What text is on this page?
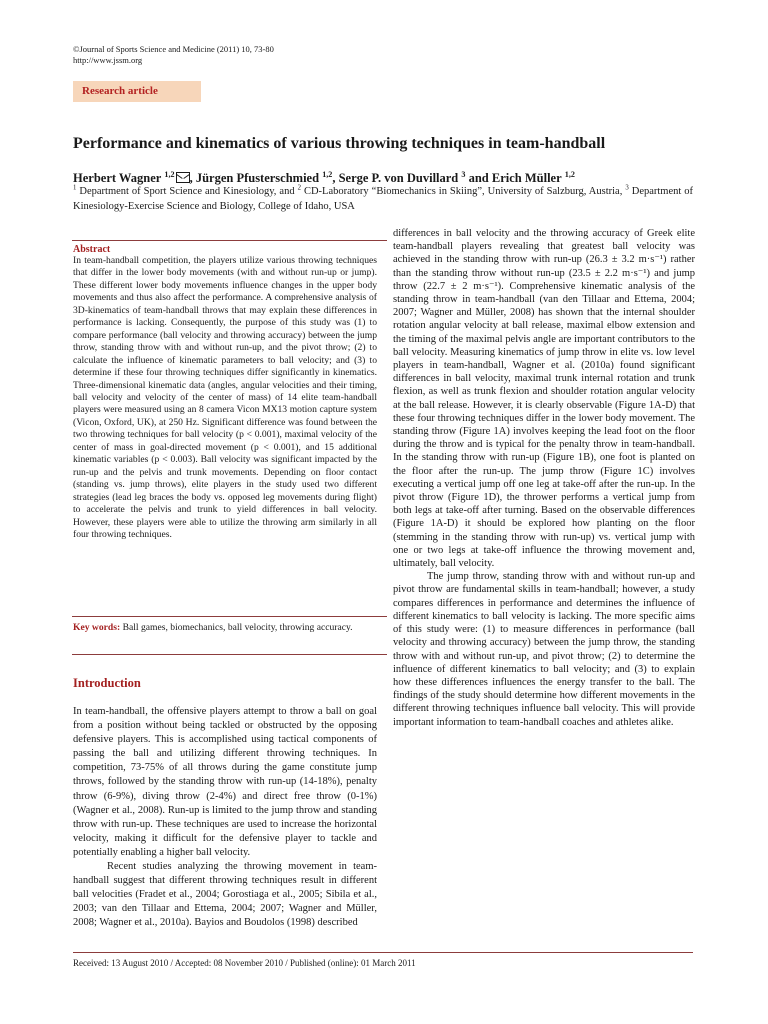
©Journal of Sports Science and Medicine (2011) 10, 73-80
http://www.jssm.org
Research article
Performance and kinematics of various throwing techniques in team-handball
Herbert Wagner $^{1,2}$ , Jürgen Pfusterschmied $^{1,2}$, Serge P. von Duvillard $^3$ and Erich Müller $^{1,2}$
$^1$ Department of Sport Science and Kinesiology, and $^2$ CD-Laboratory “Biomechanics in Skiing”, University of Salzburg, Austria, $^3$ Department of Kinesiology-Exercise Science and Biology, College of Idaho, USA
Abstract
In team-handball competition, the players utilize various throwing techniques that differ in the lower body movements (with and without run-up or jump). These different lower body movements influence changes in the upper body movements and thus also affect the performance. A comprehensive analysis of 3D-kinematics of team-handball throws that may explain these differences in performance is lacking. Consequently, the purpose of this study was (1) to compare performance (ball velocity and throwing accuracy) between the jump throw, standing throw with and without run-up, and the pivot throw; (2) to calculate the influence of kinematic parameters to ball velocity; and (3) to determine if these four throwing techniques differ significantly in kinematics. Three-dimensional kinematic data (angles, angular velocities and their timing, ball velocity and velocity of the center of mass) of 14 elite team-handball players were measured using an 8 camera Vicon MX13 motion capture system (Vicon, Oxford, UK), at 250 Hz. Significant difference was found between the two throwing techniques for ball velocity (p < 0.001), maximal velocity of the center of mass in goal-directed movement (p < 0.001), and 15 additional kinematic variables (p < 0.003). Ball velocity was significant impacted by the run-up and the pelvis and trunk movements. Depending on floor contact (standing vs. jump throws), elite players in the study used two different strategies (lead leg braces the body vs. opposed leg movements during flight) to accelerate the pelvis and trunk to yield differences in ball velocity. However, these players were able to utilize the throwing arm similarly in all four throwing techniques.
Key words: Ball games, biomechanics, ball velocity, throwing accuracy.
Introduction

In team-handball, the offensive players attempt to throw a ball on goal from a position without being tackled or obstructed by the opposing defensive players. This is accomplished using tactical components of passing the ball and utilizing different throwing techniques. In competition, 73-75% of all throws during the game constitute jump throws, followed by the standing throw with run-up (14-18%), penalty throw (6-9%), diving throw (2-4%) and direct free throw (0-1%) (Wagner et al., 2008). Run-up is limited to the jump throw and standing throw with run-up. These techniques are used to increase the horizontal velocity, making it difficult for the defensive player to tackle and potentially enabling a higher ball velocity.

Recent studies analyzing the throwing movement in team-handball suggest that different throwing techniques result in different ball velocities (Fradet et al., 2004; Gorostiaga et al., 2005; Sibila et al., 2003; van den Tillaar and Ettema, 2004; 2007; Wagner and Müller, 2008; Wagner et al., 2010a). Bayios and Boudolos (1998) described

differences in ball velocity and the throwing accuracy of Greek elite team-handball players revealing that greatest ball velocity was achieved in the standing throw with run-up (26.3 ± 3.2 m·s⁻¹) rather than the standing throw without run-up (23.5 ± 2.2 m·s⁻¹) and jump throw (22.7 ± 2 m·s⁻¹). Comprehensive kinematic analysis of the standing throw in team-handball (van den Tillaar and Ettema, 2004; 2007; Wagner and Müller, 2008) has shown that the internal shoulder rotation angular velocity at ball release, maximal elbow extension and the timing of the maximal pelvis angle are important contributors to the ball velocity. Measuring kinematics of jump throw in elite vs. low level players in team-handball, Wagner et al. (2010a) found significant differences in ball velocity, maximal trunk internal rotation and trunk flexion, as well as trunk flexion and shoulder rotation angular velocity at the ball release. However, it is clearly observable (Figure 1A-D) that these four throwing techniques differ in the lower body movement. The standing throw (Figure 1A) involves keeping the lead foot on the floor during the throw and is typical for the penalty throw in team-handball. In the standing throw with run-up (Figure 1B), one foot is planted on the floor after the run-up. The jump throw (Figure 1C) involves executing a vertical jump off one leg at take-off after the run-up. In the pivot throw (Figure 1D), the thrower performs a vertical jump from both legs at take-off after turning. Based on the observable differences (Figure 1A-D) it should be explored how planting on the floor (stemming in the standing throw with run-up) vs. vertical jump with one or two legs at take-off influence the throwing movement and, ultimately, ball velocity.

The jump throw, standing throw with and without run-up and pivot throw are fundamental skills in team-handball; however, a study compares differences in performance and determines the influence of different kinematics to ball velocity is lacking. The more specific aims of this study were: (1) to measure differences in performance (ball velocity and throwing accuracy) between the jump throw, the standing throw with and without run-up, and pivot throw; (2) to determine the influence of different kinematics to ball velocity; and (3) to explain how these differences influences the energy transfer to the ball. The findings of the study should determine how different movements in the different throwing techniques influence ball velocity. This will provide important information to team-handball coaches and athletes alike.

Received: 13 August 2010 / Accepted: 08 November 2010 / Published (online): 01 March 2011
